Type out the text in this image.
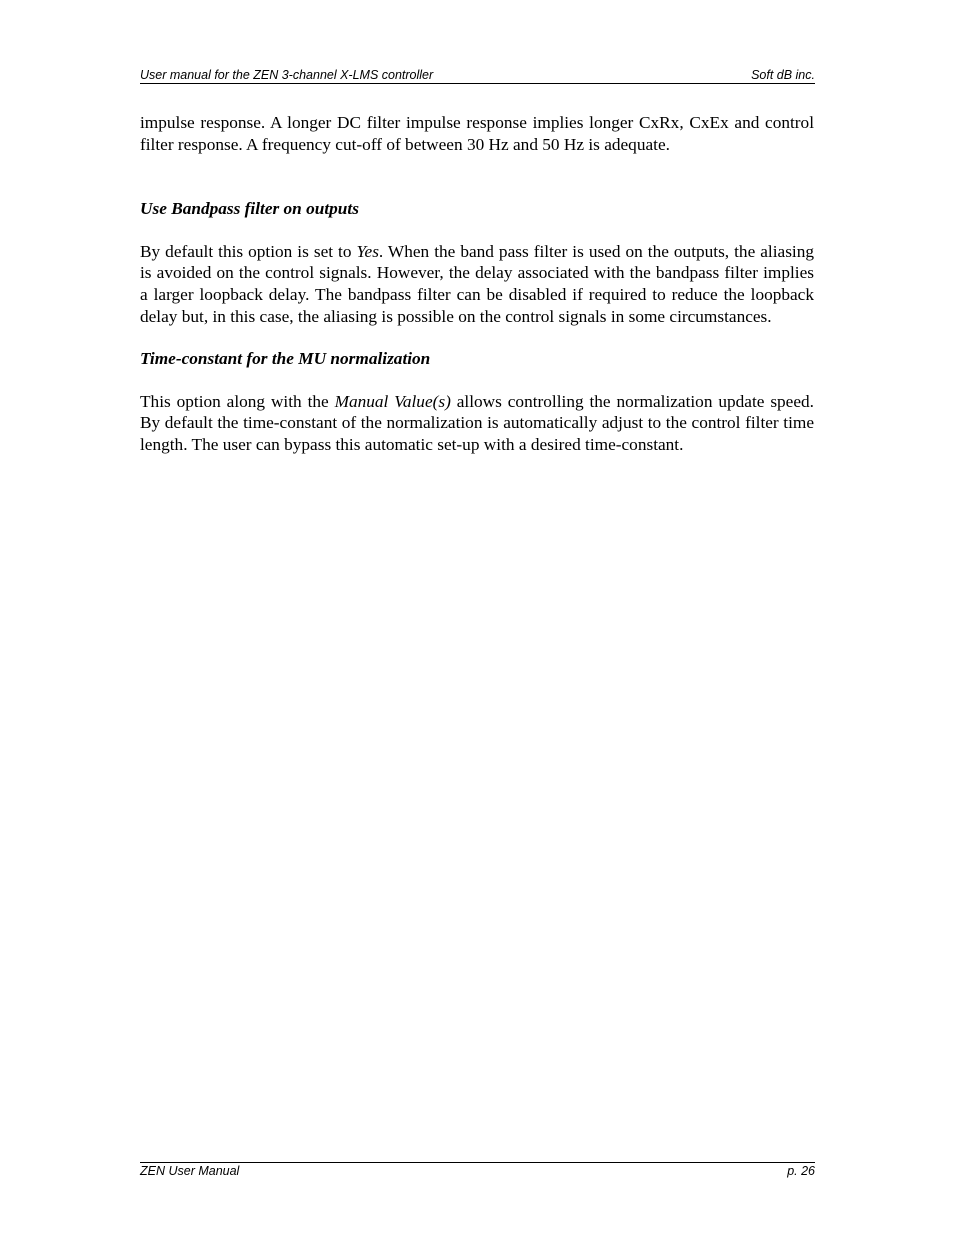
User manual for the ZEN 3-channel X-LMS controller	Soft dB inc.

impulse response. A longer DC filter impulse response implies longer CxRx, CxEx and control filter response. A frequency cut-off of between 30 Hz and 50 Hz is adequate.

Use Bandpass filter on outputs

By default this option is set to Yes. When the band pass filter is used on the outputs, the aliasing is avoided on the control signals. However, the delay associated with the bandpass filter implies a larger loopback delay. The bandpass filter can be disabled if required to reduce the loopback delay but, in this case, the aliasing is possible on the control signals in some circumstances.

Time-constant for the MU normalization

This option along with the Manual Value(s) allows controlling the normalization update speed. By default the time-constant of the normalization is automatically adjust to the control filter time length. The user can bypass this automatic set-up with a desired time-constant.

ZEN User Manual	p. 26
